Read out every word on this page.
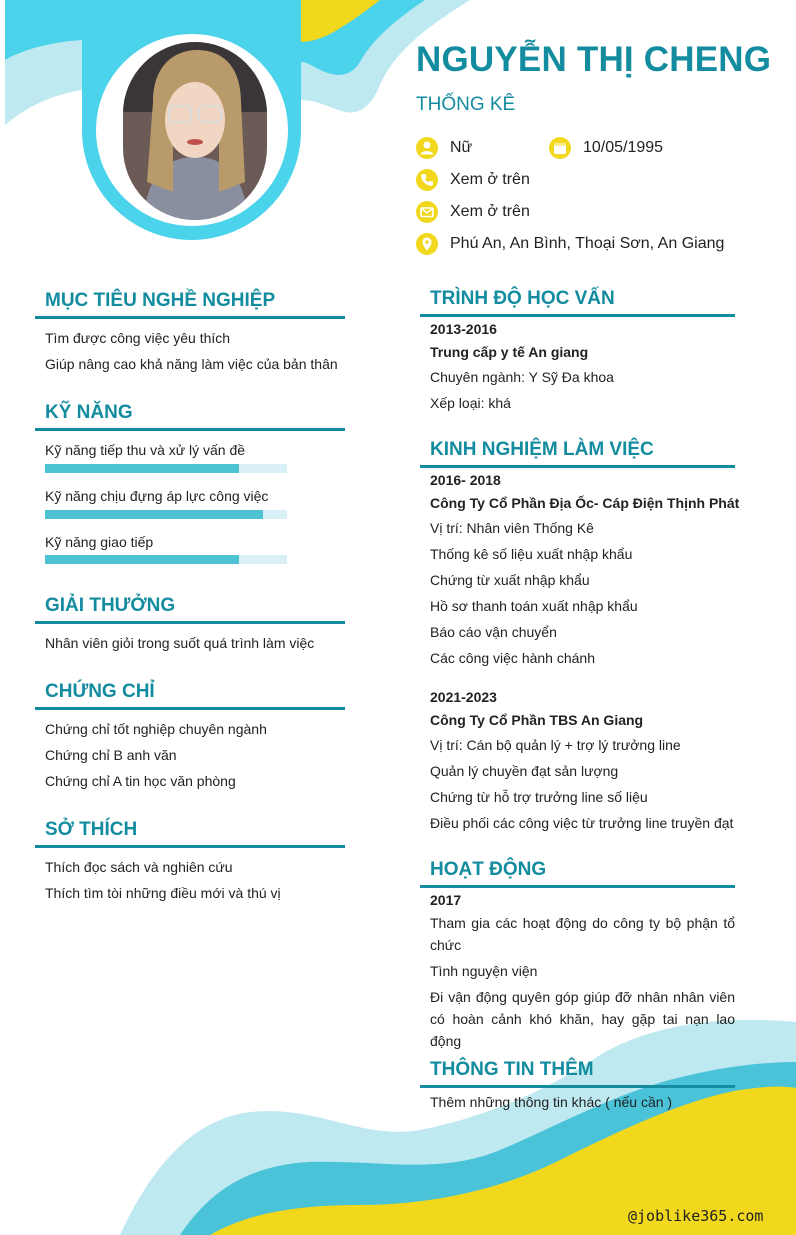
NGUYỄN THỊ CHENG
THỐNG KÊ
Nữ	10/05/1995
Xem ở trên
Xem ở trên
Phú An, An Bình, Thoại Sơn, An Giang
MỤC TIÊU NGHỀ NGHIỆP
Tìm được công việc yêu thích
Giúp nâng cao khả năng làm việc của bản thân
KỸ NĂNG
Kỹ năng tiếp thu và xử lý vấn đề
Kỹ năng chịu đựng áp lực công việc
Kỹ năng giao tiếp
GIẢI THƯỞNG
Nhân viên giỏi trong suốt quá trình làm việc
CHỨNG CHỈ
Chứng chỉ tốt nghiệp chuyên ngành
Chứng chỉ B anh văn
Chứng chỉ A tin học văn phòng
SỞ THÍCH
Thích đọc sách và nghiên cứu
Thích tìm tòi những điều mới và thú vị
TRÌNH ĐỘ HỌC VẤN
2013-2016
Trung cấp y tế An giang
Chuyên ngành: Y Sỹ Đa khoa
Xếp loại: khá
KINH NGHIỆM LÀM VIỆC
2016- 2018
Công Ty Cổ Phần Địa Ốc- Cáp Điện Thịnh Phát
Vị trí: Nhân viên Thống Kê
Thống kê số liệu xuất nhập khẩu
Chứng từ xuất nhập khẩu
Hồ sơ thanh toán xuất nhập khẩu
Báo cáo vận chuyển
Các công việc hành chánh
2021-2023
Công Ty Cổ Phần TBS An Giang
Vị trí: Cán bộ quản lý + trợ lý trưởng line
Quản lý chuyền đạt sản lượng
Chứng từ hỗ trợ trưởng line số liệu
Điều phối các công việc từ trưởng line truyền đạt
HOẠT ĐỘNG
2017
Tham gia các hoạt động do công ty bộ phận tổ chức
Tình nguyện viện
Đi vận động quyên góp giúp đỡ nhân nhân viên có hoàn cảnh khó khăn, hay gặp tai nạn lao động
THÔNG TIN THÊM
Thêm những thông tin khác ( nếu cần )
@joblike365.com
